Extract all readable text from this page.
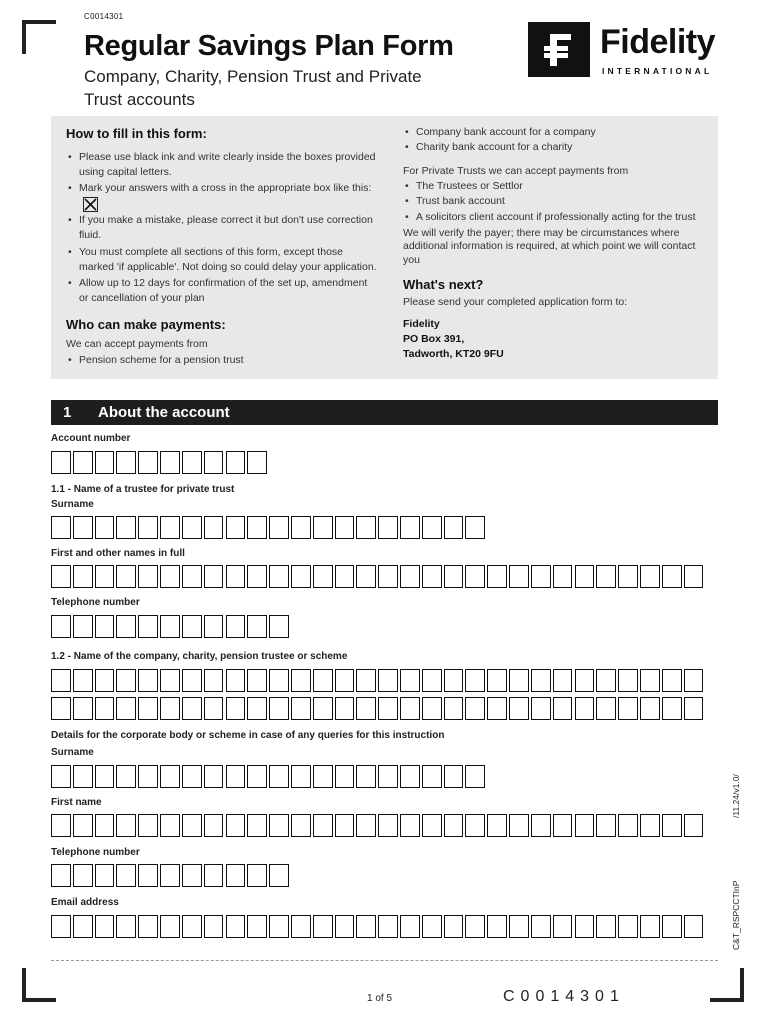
C0014301
Regular Savings Plan Form
Company, Charity, Pension Trust and Private Trust accounts
Fidelity
INTERNATIONAL
How to fill in this form:
• Please use black ink and write clearly inside the boxes provided using capital letters.
• Mark your answers with a cross in the appropriate box like this:
• If you make a mistake, please correct it but don't use correction fluid.
• You must complete all sections of this form, except those marked 'if applicable'. Not doing so could delay your application.
• Allow up to 12 days for confirmation of the set up, amendment or cancellation of your plan
Who can make payments:
We can accept payments from
• Pension scheme for a pension trust
• Company bank account for a company
• Charity bank account for a charity
For Private Trusts we can accept payments from
• The Trustees or Settlor
• Trust bank account
• A solicitors client account if professionally acting for the trust
We will verify the payer; there may be circumstances where additional information is required, at which point we will contact you
What's next?
Please send your completed application form to:
Fidelity
PO Box 391,
Tadworth, KT20 9FU
1 About the account
Account number
1.1 - Name of a trustee for private trust
Surname
First and other names in full
Telephone number
1.2 - Name of the company, charity, pension trustee or scheme
Details for the corporate body or scheme in case of any queries for this instruction
Surname
First name
Telephone number
Email address
/11.24/v1.0/
C&T_RSPCCTInP
1 of 5	C0014301
